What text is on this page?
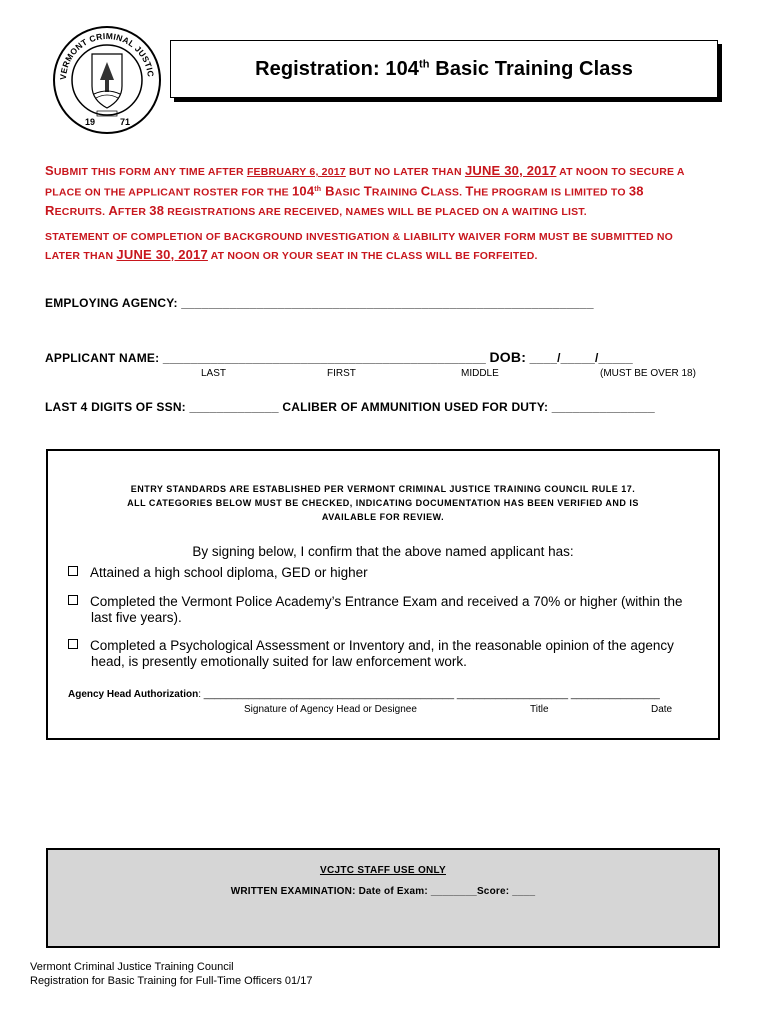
VERMONT CRIMINAL JUSTIC
19	71
Registration: 104th Basic Training Class
SUBMIT THIS FORM ANY TIME AFTER FEBRUARY 6, 2017 BUT NO LATER THAN JUNE 30, 2017 AT NOON TO SECURE A
PLACE ON THE APPLICANT ROSTER FOR THE 104th BASIC TRAINING CLASS. THE PROGRAM IS LIMITED TO 38
RECRUITS. AFTER 38 REGISTRATIONS ARE RECEIVED, NAMES WILL BE PLACED ON A WAITING LIST.
STATEMENT OF COMPLETION OF BACKGROUND INVESTIGATION & LIABILITY WAIVER FORM MUST BE SUBMITTED NO
LATER THAN JUNE 30, 2017 AT NOON OR YOUR SEAT IN THE CLASS WILL BE FORFEITED.
EMPLOYING AGENCY: ____________________________________________________________
APPLICANT NAME: _______________________________________________ DOB: ____/_____/_____
LAST	FIRST	MIDDLE	(MUST BE OVER 18)
LAST 4 DIGITS OF SSN: _____________ CALIBER OF AMMUNITION USED FOR DUTY: _______________
ENTRY STANDARDS ARE ESTABLISHED PER VERMONT CRIMINAL JUSTICE TRAINING COUNCIL RULE 17.
ALL CATEGORIES BELOW MUST BE CHECKED, INDICATING DOCUMENTATION HAS BEEN VERIFIED AND IS
AVAILABLE FOR REVIEW.
By signing below, I confirm that the above named applicant has:
Attained a high school diploma, GED or higher
Completed the Vermont Police Academy’s Entrance Exam and received a 70% or higher (within the
last five years).
Completed a Psychological Assessment or Inventory and, in the reasonable opinion of the agency
head, is presently emotionally suited for law enforcement work.
Agency Head Authorization: _____________________________________________ ____________________ ________________
Signature of Agency Head or Designee	Title	Date
VCJTC STAFF USE ONLY
WRITTEN EXAMINATION: Date of Exam: ________Score: ____
Vermont Criminal Justice Training Council
Registration for Basic Training for Full-Time Officers 01/17
